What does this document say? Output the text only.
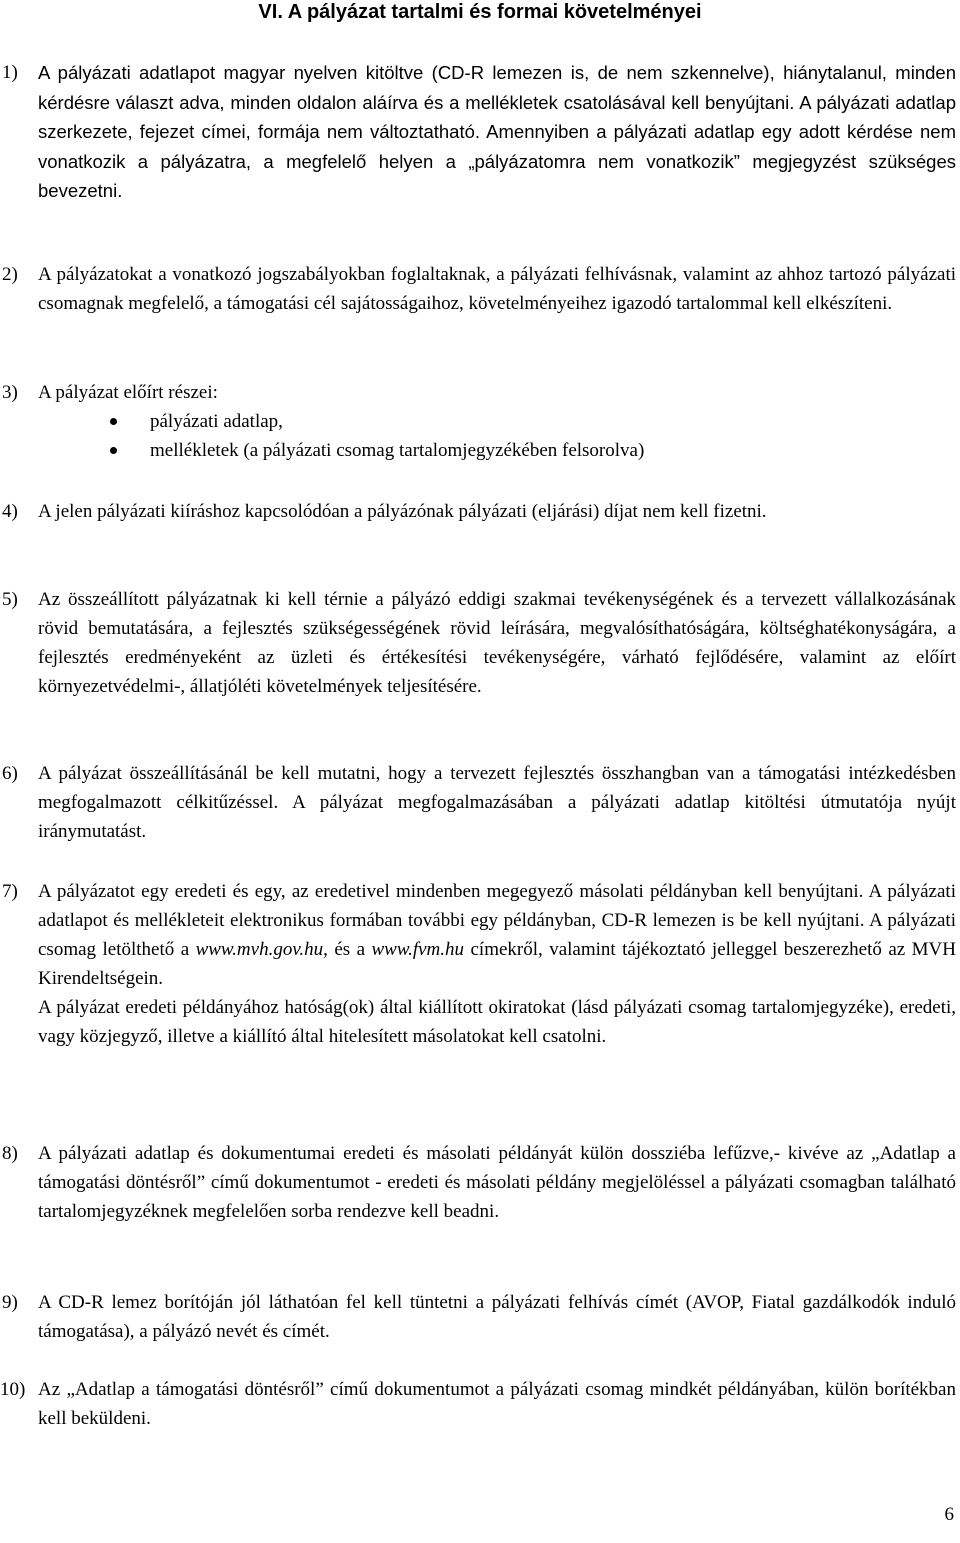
VI. A pályázat tartalmi és formai követelményei
1) A pályázati adatlapot magyar nyelven kitöltve (CD-R lemezen is, de nem szkennelve), hiánytalanul, minden kérdésre választ adva, minden oldalon aláírva és a mellékletek csatolásával kell benyújtani. A pályázati adatlap szerkezete, fejezet címei, formája nem változtatható. Amennyiben a pályázati adatlap egy adott kérdése nem vonatkozik a pályázatra, a megfelelő helyen a „pályázatomra nem vonatkozik” megjegyzést szükséges bevezetni.

2) A pályázatokat a vonatkozó jogszabályokban foglaltaknak, a pályázati felhívásnak, valamint az ahhoz tartozó pályázati csomagnak megfelelő, a támogatási cél sajátosságaihoz, követelményeihez igazodó tartalommal kell elkészíteni.

3) A pályázat előírt részei:

pályázati adatlap,
mellékletek (a pályázati csomag tartalomjegyzékében felsorolva)
4) A jelen pályázati kiíráshoz kapcsolódóan a pályázónak pályázati (eljárási) díjat nem kell fizetni.

5) Az összeállított pályázatnak ki kell térnie a pályázó eddigi szakmai tevékenységének és a tervezett vállalkozásának rövid bemutatására, a fejlesztés szükségességének rövid leírására, megvalósíthatóságára, költséghatékonyságára, a fejlesztés eredményeként az üzleti és értékesítési tevékenységére, várható fejlődésére, valamint az előírt környezetvédelmi-, állatjóléti követelmények teljesítésére.

6) A pályázat összeállításánál be kell mutatni, hogy a tervezett fejlesztés összhangban van a támogatási intézkedésben megfogalmazott célkitűzéssel. A pályázat megfogalmazásában a pályázati adatlap kitöltési útmutatója nyújt iránymutatást.

7) A pályázatot egy eredeti és egy, az eredetivel mindenben megegyező másolati példányban kell benyújtani. A pályázati adatlapot és mellékleteit elektronikus formában további egy példányban, CD-R lemezen is be kell nyújtani. A pályázati csomag letölthető a www.mvh.gov.hu, és a www.fvm.hu címekről, valamint tájékoztató jelleggel beszerezhető az MVH Kirendeltségein.

A pályázat eredeti példányához hatóság(ok) által kiállított okiratokat (lásd pályázati csomag tartalomjegyzéke), eredeti, vagy közjegyző, illetve a kiállító által hitelesített másolatokat kell csatolni.

8) A pályázati adatlap és dokumentumai eredeti és másolati példányát külön dossziéba lefűzve,- kivéve az „Adatlap a támogatási döntésről” című dokumentumot - eredeti és másolati példány megjelöléssel a pályázati csomagban található tartalomjegyzéknek megfelelően sorba rendezve kell beadni.

9) A CD-R lemez borítóján jól láthatóan fel kell tüntetni a pályázati felhívás címét (AVOP, Fiatal gazdálkodók induló támogatása), a pályázó nevét és címét.

10) Az „Adatlap a támogatási döntésről” című dokumentumot a pályázati csomag mindkét példányában, külön borítékban kell beküldeni.

6
